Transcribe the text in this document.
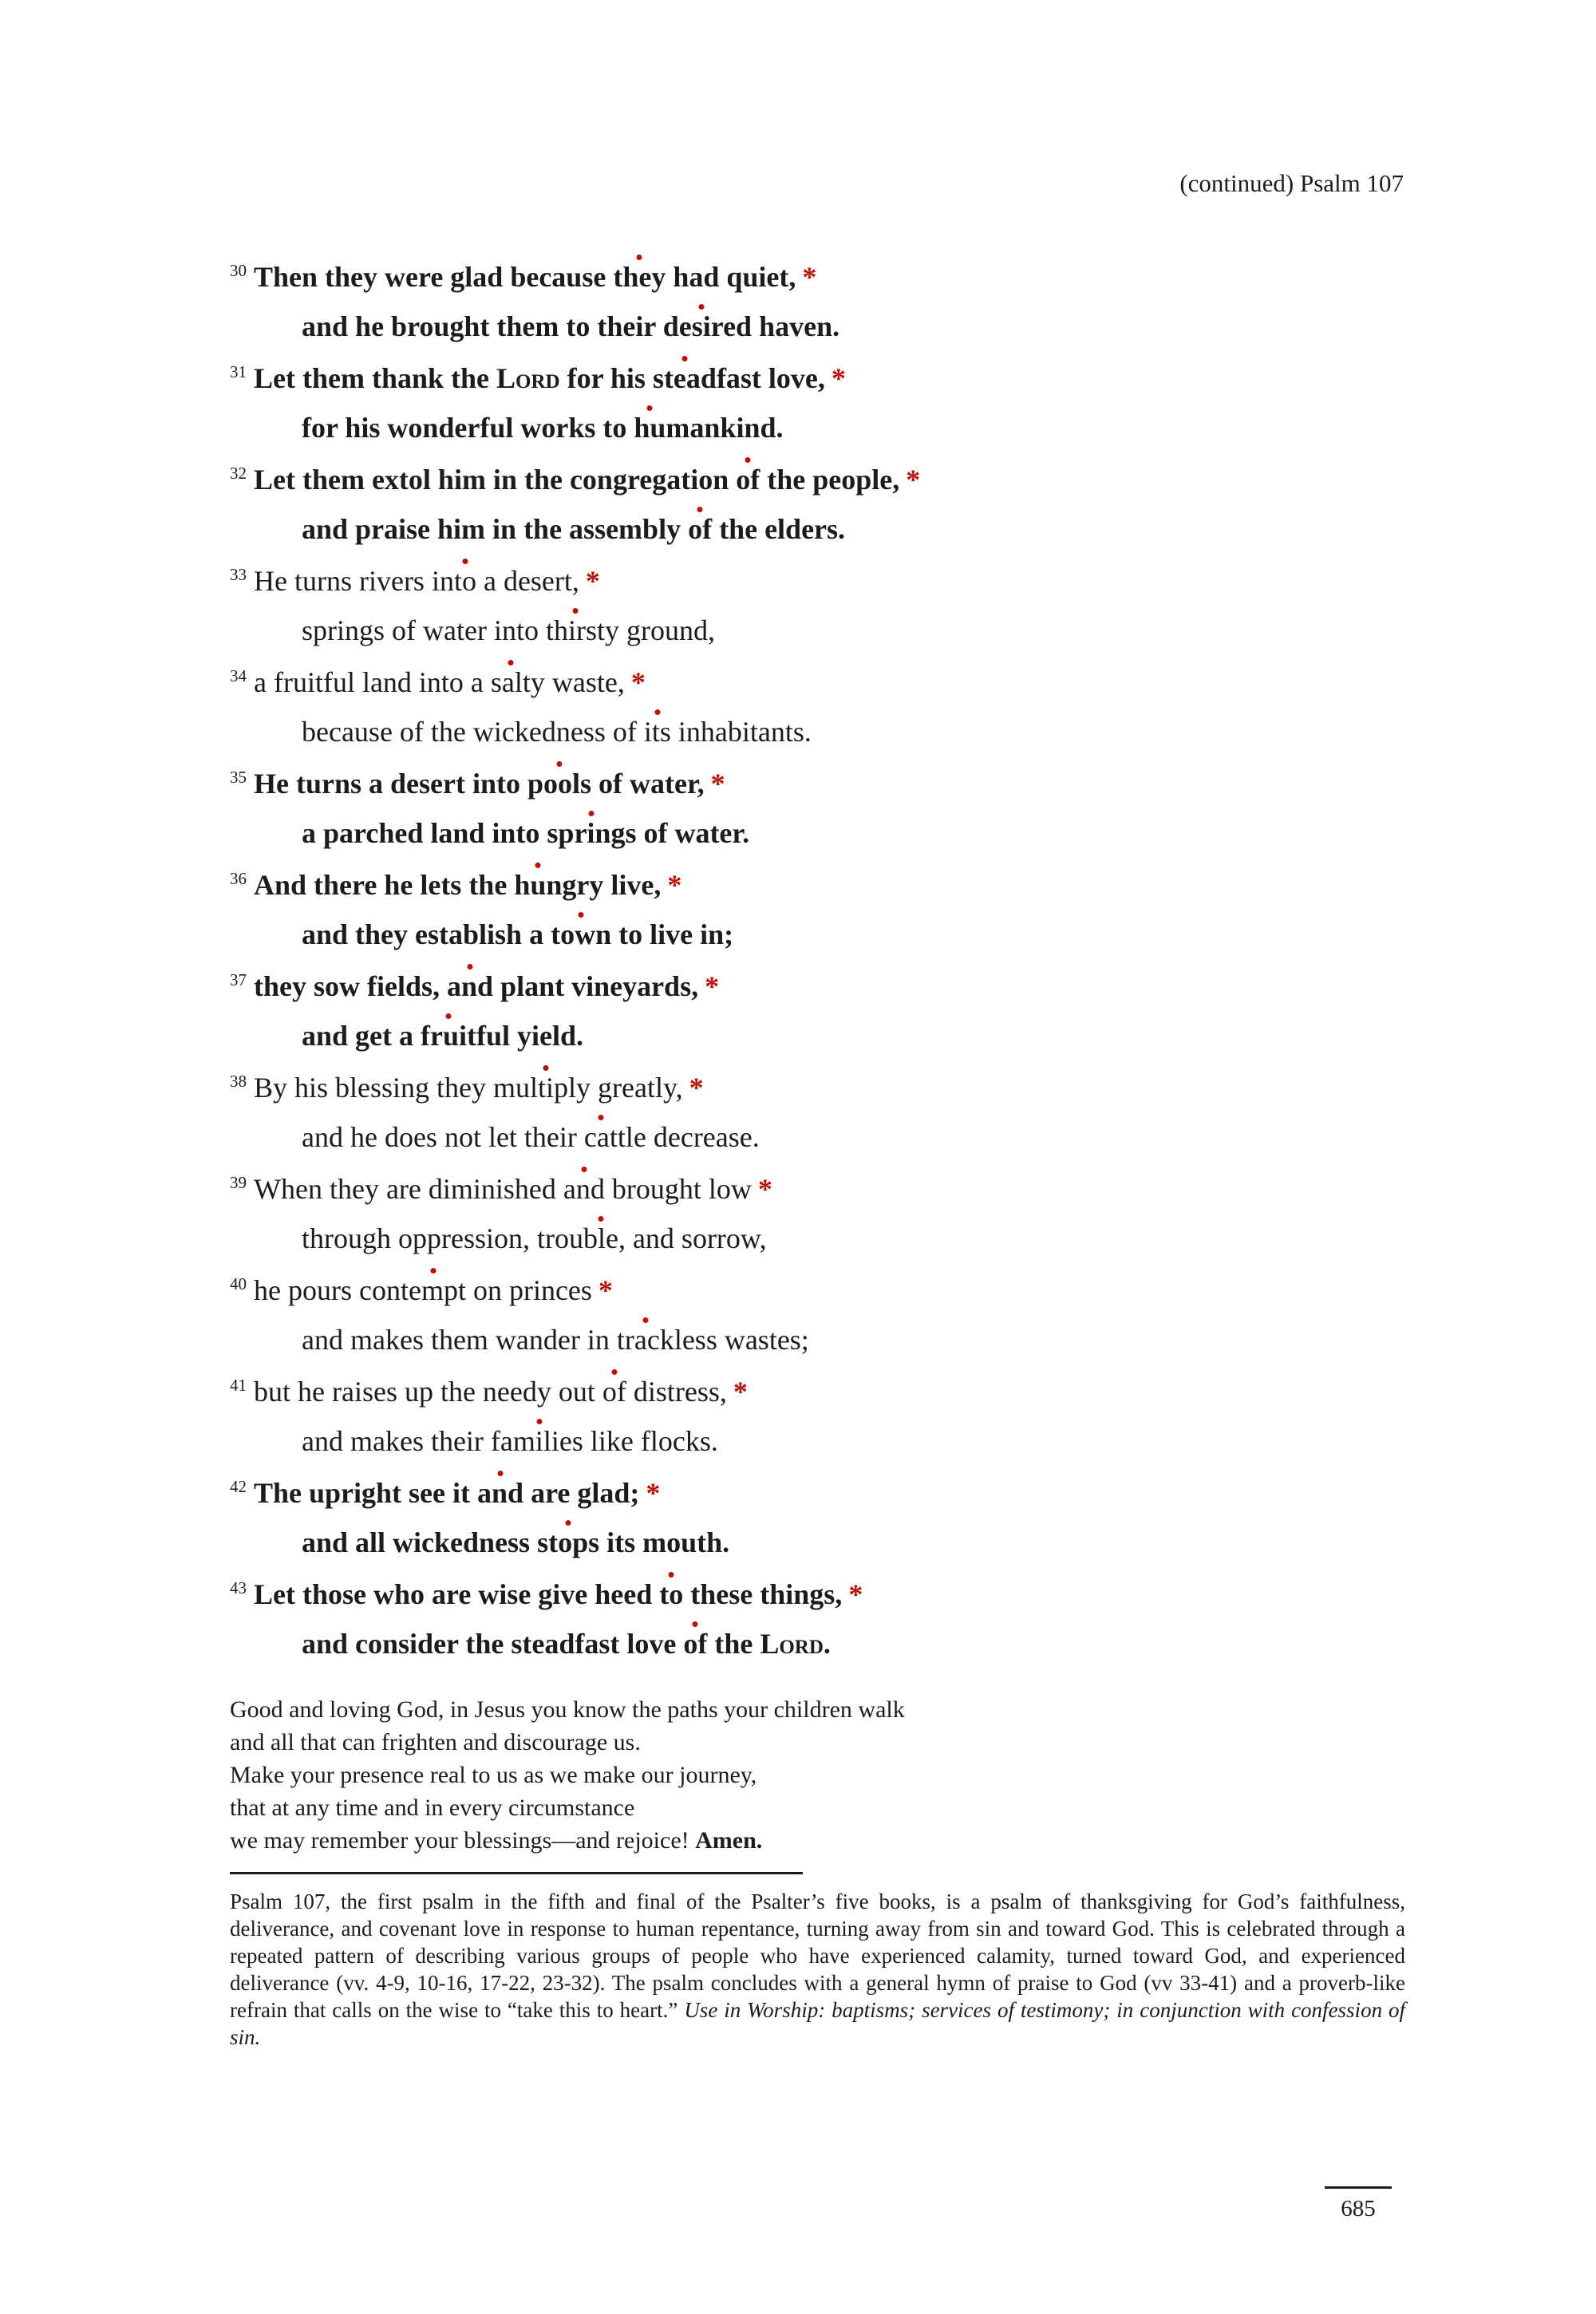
(continued) Psalm 107

$^{30}$ Then they were glad because they had quiet, *

and he brought them to their desired haven.

$^{31}$ Let them thank the Lord for his steadfast love, *

for his wonderful works to humankind.

$^{32}$ Let them extol him in the congregation of the people, *

and praise him in the assembly of the elders.

$^{33}$ He turns rivers into a desert, *

springs of water into thirsty ground,

$^{34}$ a fruitful land into a salty waste, *

because of the wickedness of its inhabitants.

$^{35}$ He turns a desert into pools of water, *

a parched land into springs of water.

$^{36}$ And there he lets the hungry live, *

and they establish a town to live in;

$^{37}$ they sow fields, and plant vineyards, *

and get a fruitful yield.

$^{38}$ By his blessing they multiply greatly, *

and he does not let their cattle decrease.

$^{39}$ When they are diminished and brought low *

through oppression, trouble, and sorrow,

$^{40}$ he pours contempt on princes *

and makes them wander in trackless wastes;

$^{41}$ but he raises up the needy out of distress, *

and makes their families like flocks.

$^{42}$ The upright see it and are glad; *

and all wickedness stops its mouth.

$^{43}$ Let those who are wise give heed to these things, *

and consider the steadfast love of the Lord.

Good and loving God, in Jesus you know the paths your children walk

and all that can frighten and discourage us.

Make your presence real to us as we make our journey,

that at any time and in every circumstance

we may remember your blessings—and rejoice! Amen.

Psalm 107, the first psalm in the fifth and final of the Psalter’s five books, is a psalm of thanksgiving for God’s faithfulness, deliverance, and covenant love in response to human repentance, turning away from sin and toward God. This is celebrated through a repeated pattern of describing various groups of people who have experienced calamity, turned toward God, and experienced deliverance (vv. 4-9, 10-16, 17-22, 23-32). The psalm concludes with a general hymn of praise to God (vv 33-41) and a proverb-like refrain that calls on the wise to “take this to heart.” Use in Worship: baptisms; services of testimony; in conjunction with confession of sin.

685
